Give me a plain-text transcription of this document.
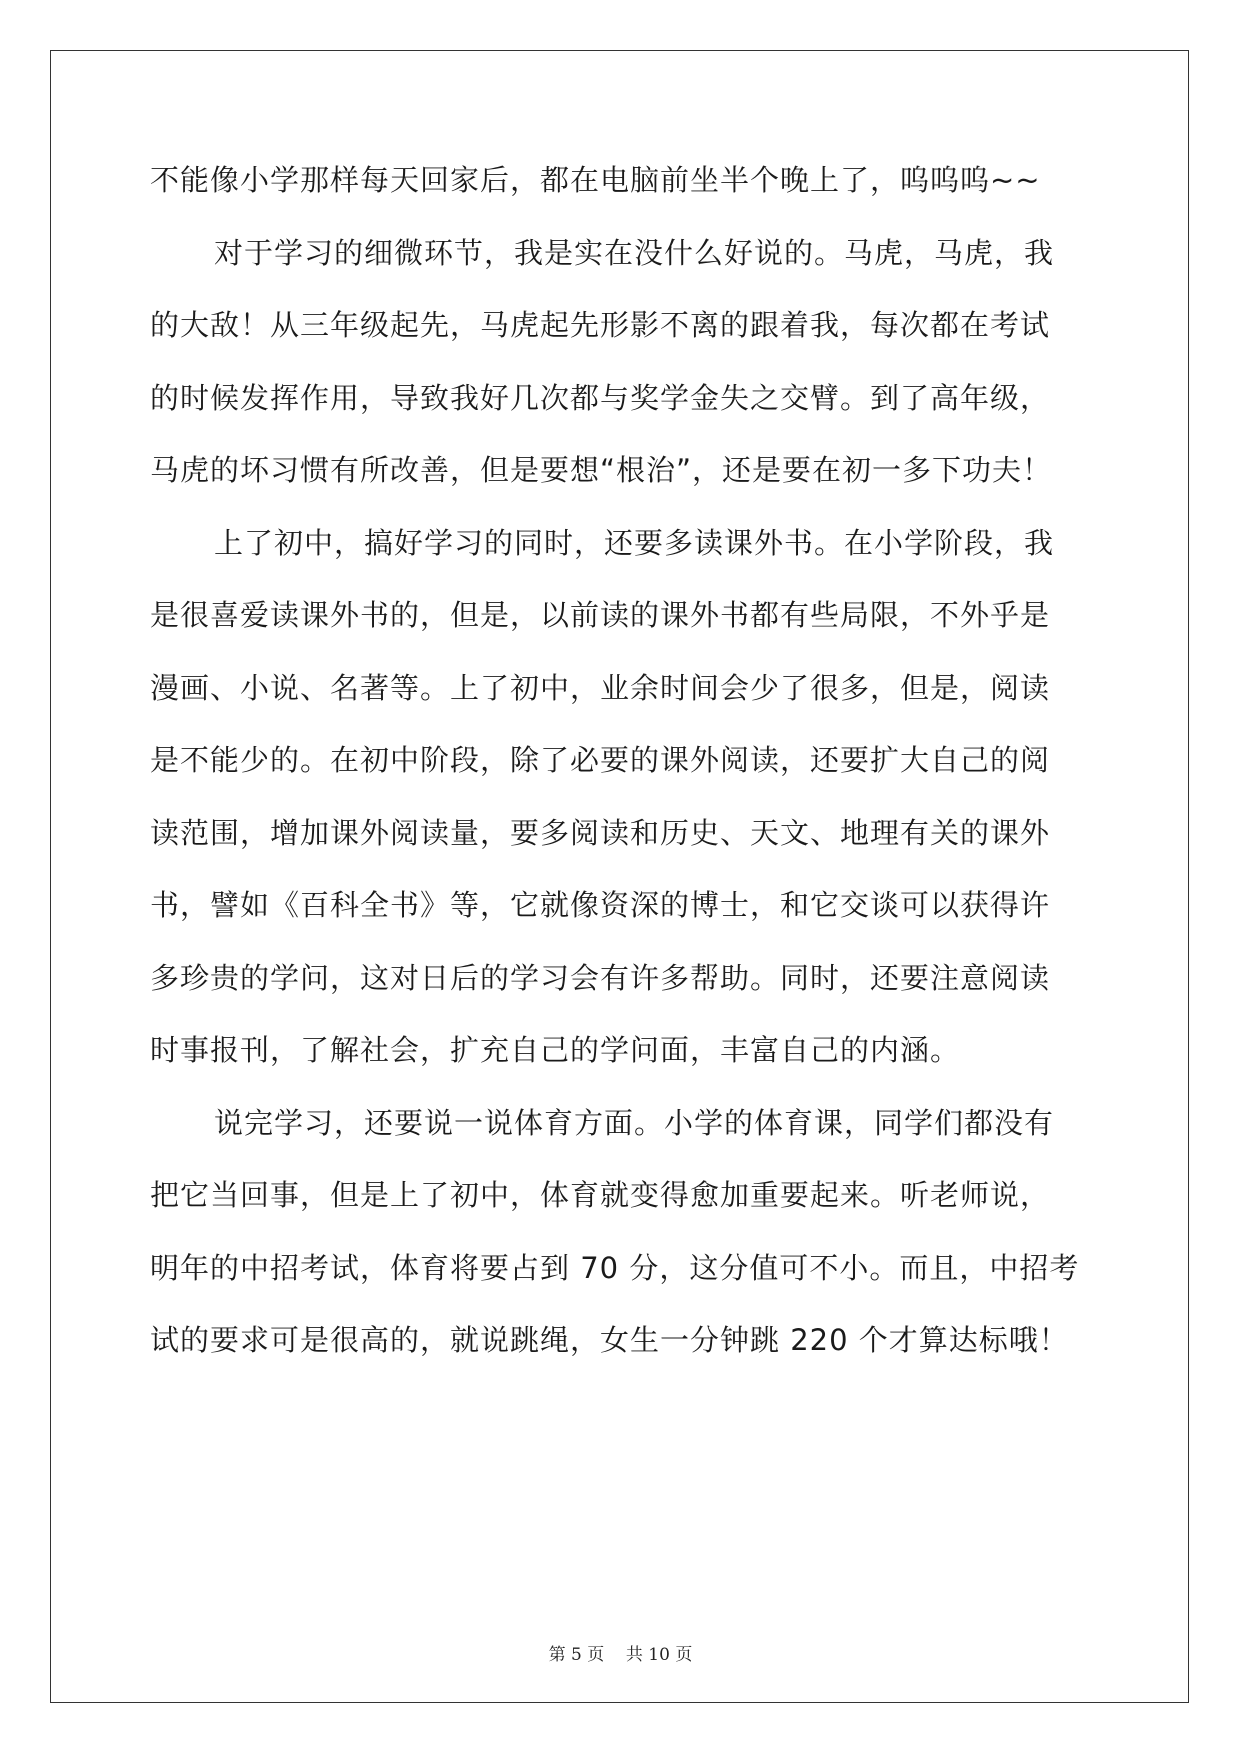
不能像小学那样每天回家后，都在电脑前坐半个晚上了，呜呜呜~~
对于学习的细微环节，我是实在没什么好说的。马虎，马虎，我
的大敌！从三年级起先，马虎起先形影不离的跟着我，每次都在考试
的时候发挥作用，导致我好几次都与奖学金失之交臂。到了高年级，
马虎的坏习惯有所改善，但是要想“根治”，还是要在初一多下功夫！
上了初中，搞好学习的同时，还要多读课外书。在小学阶段，我
是很喜爱读课外书的，但是，以前读的课外书都有些局限，不外乎是
漫画、小说、名著等。上了初中，业余时间会少了很多，但是，阅读
是不能少的。在初中阶段，除了必要的课外阅读，还要扩大自己的阅
读范围，增加课外阅读量，要多阅读和历史、天文、地理有关的课外
书，譬如《百科全书》等，它就像资深的博士，和它交谈可以获得许
多珍贵的学问，这对日后的学习会有许多帮助。同时，还要注意阅读
时事报刊，了解社会，扩充自己的学问面，丰富自己的内涵。
说完学习，还要说一说体育方面。小学的体育课，同学们都没有
把它当回事，但是上了初中，体育就变得愈加重要起来。听老师说，
明年的中招考试，体育将要占到 70 分，这分值可不小。而且，中招考
试的要求可是很高的，就说跳绳，女生一分钟跳 220 个才算达标哦！
第 5 页 共 10 页
